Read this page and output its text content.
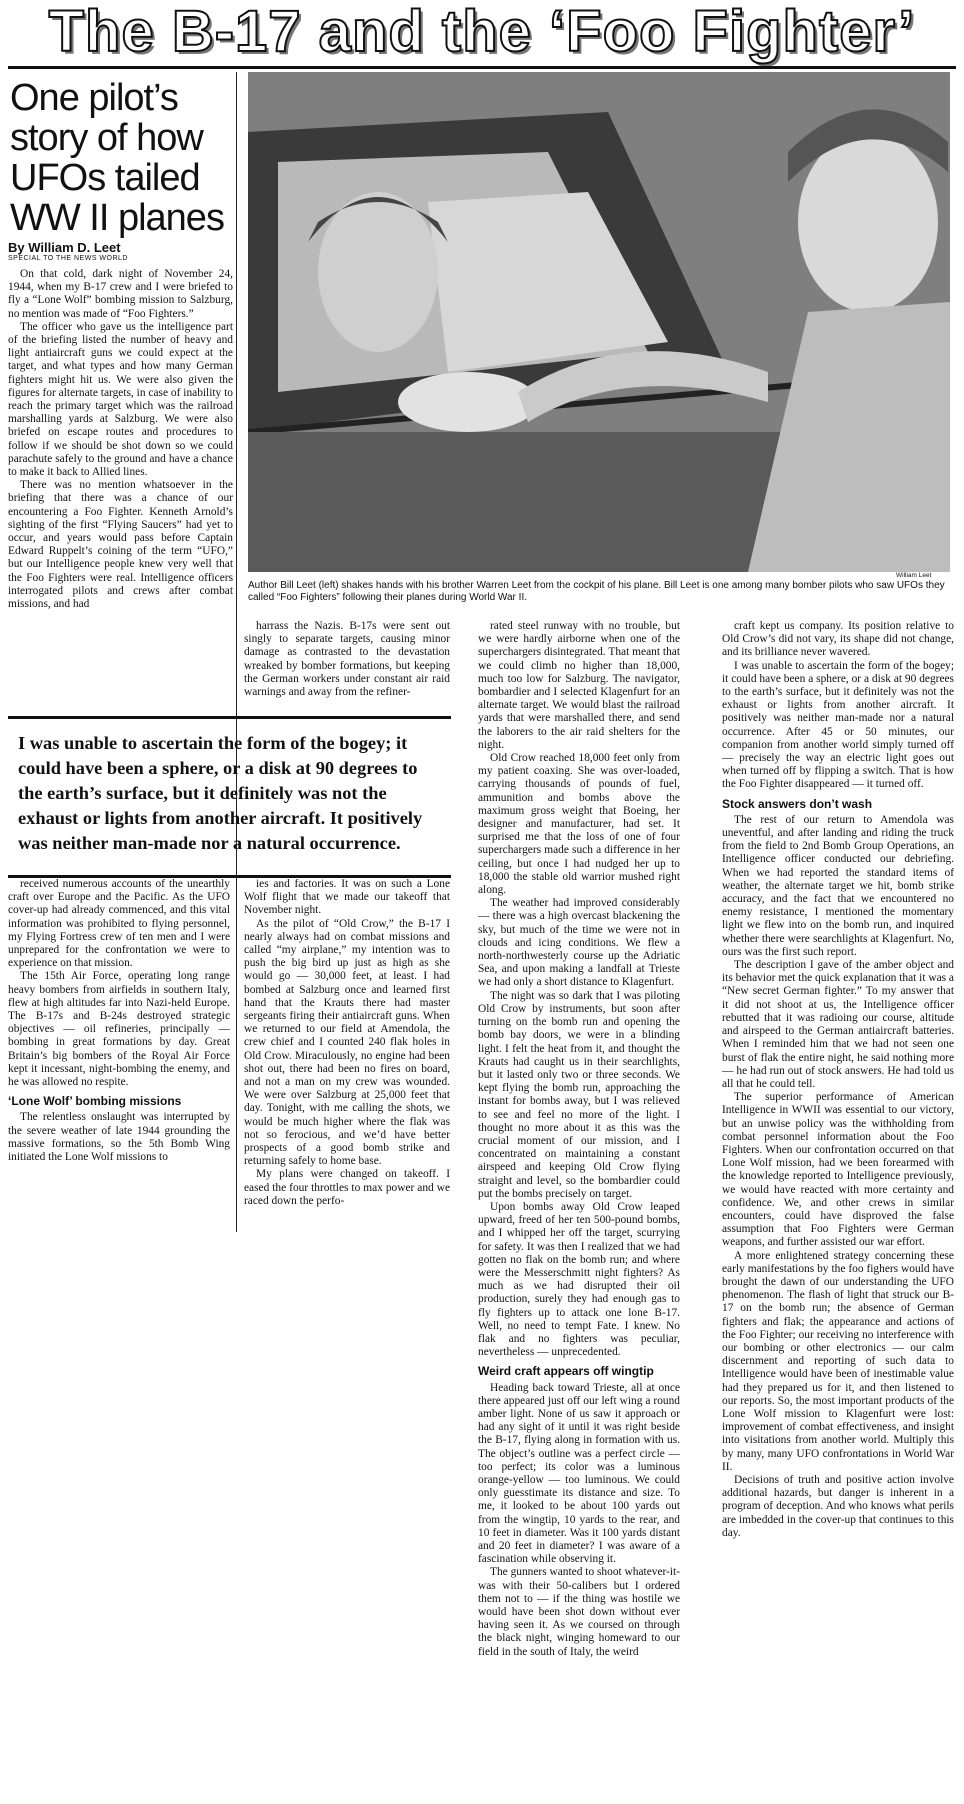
The B-17 and the ‘Foo Fighter’
One pilot’s story of how UFOs tailed WW II planes
By William D. Leet
SPECIAL TO THE NEWS WORLD

On that cold, dark night of November 24, 1944, when my B-17 crew and I were briefed to fly a “Lone Wolf” bombing mission to Salzburg, no mention was made of “Foo Fighters.”

The officer who gave us the intelligence part of the briefing listed the number of heavy and light antiaircraft guns we could expect at the target, and what types and how many German fighters might hit us. We were also given the figures for alternate targets, in case of inability to reach the primary target which was the railroad marshalling yards at Salzburg. We were also briefed on escape routes and procedures to follow if we should be shot down so we could parachute safely to the ground and have a chance to make it back to Allied lines.

There was no mention whatsoever in the briefing that there was a chance of our encountering a Foo Fighter. Kenneth Arnold’s sighting of the first “Flying Saucers” had yet to occur, and years would pass before Captain Edward Ruppelt’s coining of the term “UFO,” but our Intelligence people knew very well that the Foo Fighters were real. Intelligence officers interrogated pilots and crews after combat missions, and had

William Leet
Author Bill Leet (left) shakes hands with his brother Warren Leet from the cockpit of his plane. Bill Leet is one among many bomber pilots who saw UFOs they called “Foo Fighters” following their planes during World War II.

harrass the Nazis. B-17s were sent out singly to separate targets, causing minor damage as contrasted to the devastation wreaked by bomber formations, but keeping the German workers under constant air raid warnings and away from the refiner-

I was unable to ascertain the form of the bogey; it could have been a sphere, or a disk at 90 degrees to the earth’s surface, but it definitely was not the exhaust or lights from another aircraft. It positively was neither man-made nor a natural occurrence.

received numerous accounts of the unearthly craft over Europe and the Pacific. As the UFO cover-up had already commenced, and this vital information was prohibited to flying personnel, my Flying Fortress crew of ten men and I were unprepared for the confrontation we were to experience on that mission.

The 15th Air Force, operating long range heavy bombers from airfields in southern Italy, flew at high altitudes far into Nazi-held Europe. The B-17s and B-24s destroyed strategic objectives — oil refineries, principally — bombing in great formations by day. Great Britain’s big bombers of the Royal Air Force kept it incessant, night-bombing the enemy, and he was allowed no respite.

‘Lone Wolf’ bombing missions

The relentless onslaught was interrupted by the severe weather of late 1944 grounding the massive formations, so the 5th Bomb Wing initiated the Lone Wolf missions to

ies and factories. It was on such a Lone Wolf flight that we made our takeoff that November night.

As the pilot of “Old Crow,” the B-17 I nearly always had on combat missions and called “my airplane,” my intention was to push the big bird up just as high as she would go — 30,000 feet, at least. I had bombed at Salzburg once and learned first hand that the Krauts there had master sergeants firing their antiaircraft guns. When we returned to our field at Amendola, the crew chief and I counted 240 flak holes in Old Crow. Miraculously, no engine had been shot out, there had been no fires on board, and not a man on my crew was wounded. We were over Salzburg at 25,000 feet that day. Tonight, with me calling the shots, we would be much higher where the flak was not so ferocious, and we’d have better prospects of a good bomb strike and returning safely to home base.

My plans were changed on takeoff. I eased the four throttles to max power and we raced down the perfo-

rated steel runway with no trouble, but we were hardly airborne when one of the superchargers disintegrated. That meant that we could climb no higher than 18,000, much too low for Salzburg. The navigator, bombardier and I selected Klagenfurt for an alternate target. We would blast the railroad yards that were marshalled there, and send the laborers to the air raid shelters for the night.

Old Crow reached 18,000 feet only from my patient coaxing. She was over-loaded, carrying thousands of pounds of fuel, ammunition and bombs above the maximum gross weight that Boeing, her designer and manufacturer, had set. It surprised me that the loss of one of four superchargers made such a difference in her ceiling, but once I had nudged her up to 18,000 the stable old warrior mushed right along.

The weather had improved considerably — there was a high overcast blackening the sky, but much of the time we were not in clouds and icing conditions. We flew a north-northwesterly course up the Adriatic Sea, and upon making a landfall at Trieste we had only a short distance to Klagenfurt.

The night was so dark that I was piloting Old Crow by instruments, but soon after turning on the bomb run and opening the bomb bay doors, we were in a blinding light. I felt the heat from it, and thought the Krauts had caught us in their searchlights, but it lasted only two or three seconds. We kept flying the bomb run, approaching the instant for bombs away, but I was relieved to see and feel no more of the light. I thought no more about it as this was the crucial moment of our mission, and I concentrated on maintaining a constant airspeed and keeping Old Crow flying straight and level, so the bombardier could put the bombs precisely on target.

Upon bombs away Old Crow leaped upward, freed of her ten 500-pound bombs, and I whipped her off the target, scurrying for safety. It was then I realized that we had gotten no flak on the bomb run; and where were the Messerschmitt night fighters? As much as we had disrupted their oil production, surely they had enough gas to fly fighters up to attack one lone B-17. Well, no need to tempt Fate. I knew. No flak and no fighters was peculiar, nevertheless — unprecedented.

Weird craft appears off wingtip

Heading back toward Trieste, all at once there appeared just off our left wing a round amber light. None of us saw it approach or had any sight of it until it was right beside the B-17, flying along in formation with us. The object’s outline was a perfect circle — too perfect; its color was a luminous orange-yellow — too luminous. We could only guesstimate its distance and size. To me, it looked to be about 100 yards out from the wingtip, 10 yards to the rear, and 10 feet in diameter. Was it 100 yards distant and 20 feet in diameter? I was aware of a fascination while observing it.

The gunners wanted to shoot whatever-it-was with their 50-calibers but I ordered them not to — if the thing was hostile we would have been shot down without ever having seen it. As we coursed on through the black night, winging homeward to our field in the south of Italy, the weird

craft kept us company. Its position relative to Old Crow’s did not vary, its shape did not change, and its brilliance never wavered.

I was unable to ascertain the form of the bogey; it could have been a sphere, or a disk at 90 degrees to the earth’s surface, but it definitely was not the exhaust or lights from another aircraft. It positively was neither man-made nor a natural occurrence. After 45 or 50 minutes, our companion from another world simply turned off — precisely the way an electric light goes out when turned off by flipping a switch. That is how the Foo Fighter disappeared — it turned off.

Stock answers don’t wash

The rest of our return to Amendola was uneventful, and after landing and riding the truck from the field to 2nd Bomb Group Operations, an Intelligence officer conducted our debriefing. When we had reported the standard items of weather, the alternate target we hit, bomb strike accuracy, and the fact that we encountered no enemy resistance, I mentioned the momentary light we flew into on the bomb run, and inquired whether there were searchlights at Klagenfurt. No, ours was the first such report.

The description I gave of the amber object and its behavior met the quick explanation that it was a “New secret German fighter.” To my answer that it did not shoot at us, the Intelligence officer rebutted that it was radioing our course, altitude and airspeed to the German antiaircraft batteries. When I reminded him that we had not seen one burst of flak the entire night, he said nothing more — he had run out of stock answers. He had told us all that he could tell.

The superior performance of American Intelligence in WWII was essential to our victory, but an unwise policy was the withholding from combat personnel information about the Foo Fighters. When our confrontation occurred on that Lone Wolf mission, had we been forearmed with the knowledge reported to Intelligence previously, we would have reacted with more certainty and confidence. We, and other crews in similar encounters, could have disproved the false assumption that Foo Fighters were German weapons, and further assisted our war effort.

A more enlightened strategy concerning these early manifestations by the foo fighers would have brought the dawn of our understanding the UFO phenomenon. The flash of light that struck our B-17 on the bomb run; the absence of German fighters and flak; the appearance and actions of the Foo Fighter; our receiving no interference with our bombing or other electronics — our calm discernment and reporting of such data to Intelligence would have been of inestimable value had they prepared us for it, and then listened to our reports. So, the most important products of the Lone Wolf mission to Klagenfurt were lost: improvement of combat effectiveness, and insight into visitations from another world. Multiply this by many, many UFO confrontations in World War II.

Decisions of truth and positive action involve additional hazards, but danger is inherent in a program of deception. And who knows what perils are imbedded in the cover-up that continues to this day.
